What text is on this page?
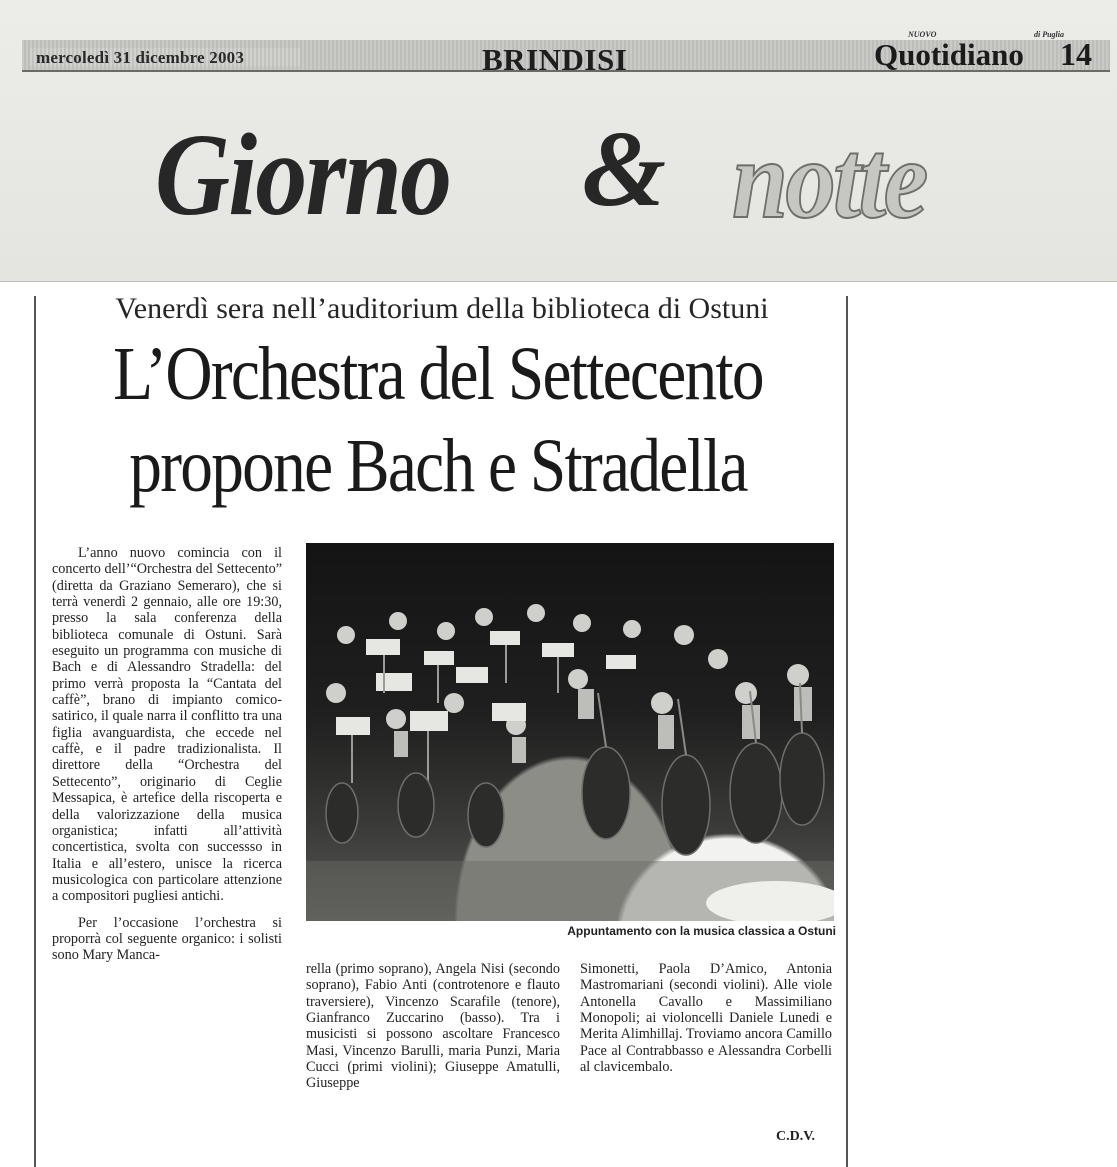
mercoledì 31 dicembre 2003	BRINDISI
NUOVO	di Puglia
Quotidiano 14
Giorno & notte
Venerdì sera nell’auditorium della biblioteca di Ostuni
L’Orchestra del Settecento
propone Bach e Stradella

L’anno nuovo comincia con il concerto dell’“Orchestra del Settecento” (diretta da Graziano Semeraro), che si terrà venerdì 2 gennaio, alle ore 19:30, presso la sala conferenza della biblioteca comunale di Ostuni. Sarà eseguito un programma con musiche di Bach e di Alessandro Stradella: del primo verrà proposta la “Cantata del caffè”, brano di impianto comico-satirico, il quale narra il conflitto tra una figlia avanguardista, che eccede nel caffè, e il padre tradizionalista. Il direttore della “Orchestra del Settecento”, originario di Ceglie Messapica, è artefice della riscoperta e della valorizzazione della musica organistica; infatti all’attività concertistica, svolta con successso in Italia e all’estero, unisce la ricerca musicologica con particolare attenzione a compositori pugliesi antichi.

Per l’occasione l’orchestra si proporrà col seguente organico: i solisti sono Mary Manca-

Appuntamento con la musica classica a Ostuni

rella (primo soprano), Angela Nisi (secondo soprano), Fabio Anti (controtenore e flauto traversiere), Vincenzo Scarafile (tenore), Gianfranco Zuccarino (basso). Tra i musicisti si possono ascoltare Francesco Masi, Vincenzo Barulli, maria Punzi, Maria Cucci (primi violini); Giuseppe Amatulli, Giuseppe

Simonetti, Paola D’Amico, Antonia Mastromariani (secondi violini). Alle viole Antonella Cavallo e Massimiliano Monopoli; ai violoncelli Daniele Lunedi e Merita Alimhillaj. Troviamo ancora Camillo Pace al Contrabbasso e Alessandra Corbelli al clavicembalo.

C.D.V.
